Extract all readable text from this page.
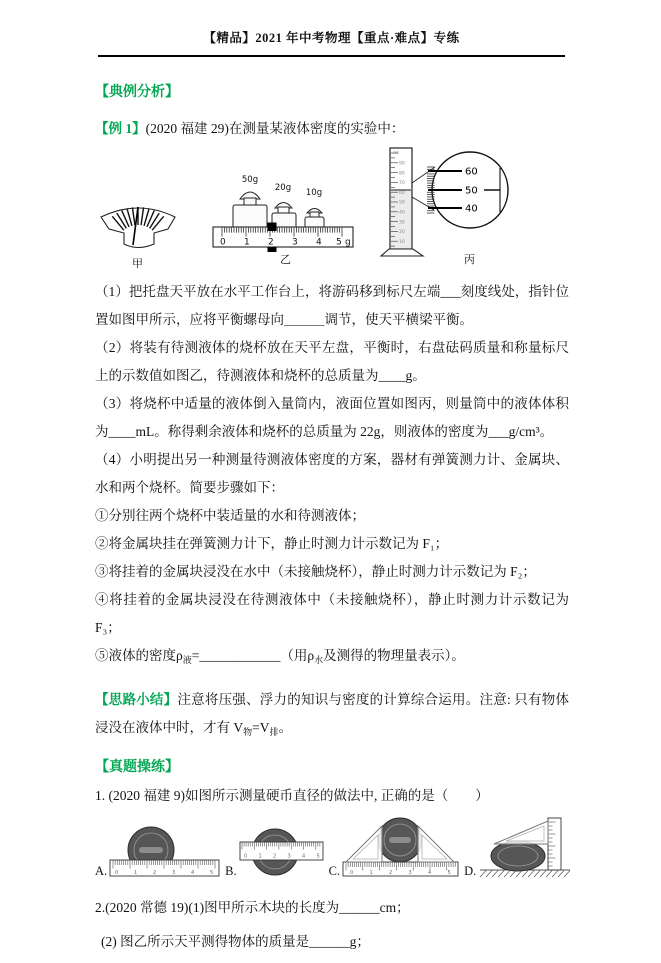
【精品】2021 年中考物理【重点·难点】专练

【典例分析】

【例 1】(2020 福建 29)在测量某液体密度的实验中：

甲
50g
20g 10g
0 1 2 3 4 5 g
乙
90
80
70
60
50
40
30
20
10
ml
60
50
40
丙

（1）把托盘天平放在水平工作台上，将游码移到标尺左端___刻度线处，指针位置如图甲所示，应将平衡螺母向＿＿＿调节，使天平横梁平衡。

（2）将装有待测液体的烧杯放在天平左盘，平衡时，右盘砝码质量和称量标尺上的示数值如图乙，待测液体和烧杯的总质量为____g。

（3）将烧杯中适量的液体倒入量筒内，液面位置如图丙，则量筒中的液体体积为____mL。称得剩余液体和烧杯的总质量为 22g，则液体的密度为___g/cm³。

（4）小明提出另一种测量待测液体密度的方案，器材有弹簧测力计、金属块、水和两个烧杯。简要步骤如下：

①分别往两个烧杯中装适量的水和待测液体；

②将金属块挂在弹簧测力计下，静止时测力计示数记为 F₁；

③将挂着的金属块浸没在水中（未接触烧杯），静止时测力计示数记为 F₂；

④将挂着的金属块浸没在待测液体中（未接触烧杯），静止时测力计示数记为 F₃；

⑤液体的密度$\rho_液=\_\_\_\_\_\_\_\_\_\_\_\_$（用$\rho_水$及测得的物理量表示）。

【思路小结】注意将压强、浮力的知识与密度的计算综合运用。注意: 只有物体浸没在液体中时，才有 $V_物=V_排$。

【真题操练】

1. (2020 福建 9)如图所示测量硬币直径的做法中, 正确的是（　　）

A. 0	1	2	3	4	5 B.
0 1 2 3 4 5
C. 0	1	2	3	4	5 D.

2.(2020 常德 19)(1)图甲所示木块的长度为______cm；

(2) 图乙所示天平测得物体的质量是______g；
